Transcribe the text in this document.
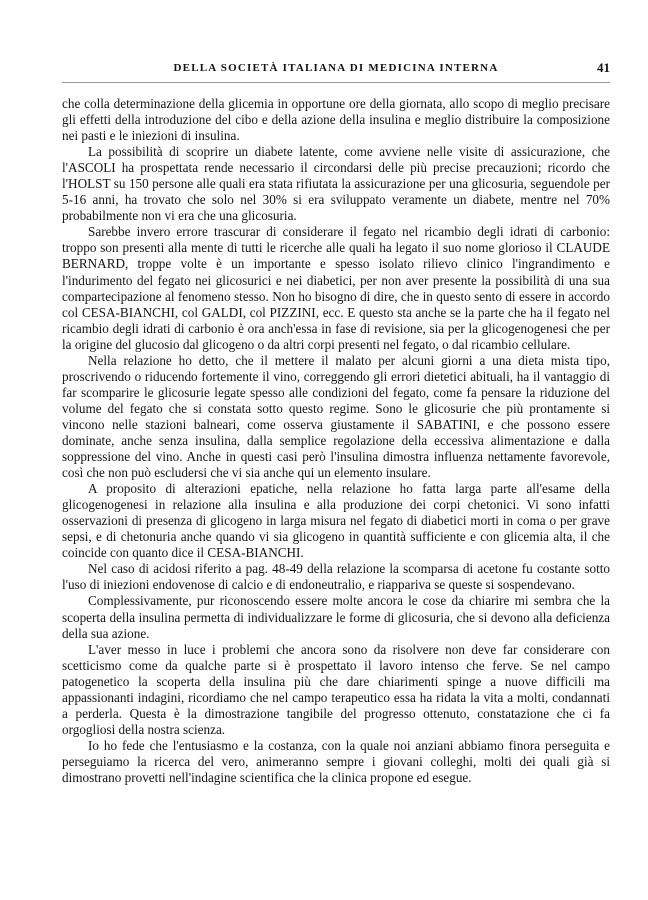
DELLA SOCIETÀ ITALIANA DI MEDICINA INTERNA	41

che colla determinazione della glicemia in opportune ore della giornata, allo scopo di meglio precisare gli effetti della introduzione del cibo e della azione della insulina e meglio distribuire la composizione nei pasti e le iniezioni di insulina.

La possibilità di scoprire un diabete latente, come avviene nelle visite di assicurazione, che l'ASCOLI ha prospettata rende necessario il circondarsi delle più precise precauzioni; ricordo che l'HOLST su 150 persone alle quali era stata rifiutata la assicurazione per una glicosuria, seguendole per 5-16 anni, ha trovato che solo nel 30% si era sviluppato veramente un diabete, mentre nel 70% probabilmente non vi era che una glicosuria.

Sarebbe invero errore trascurar di considerare il fegato nel ricambio degli idrati di carbonio: troppo son presenti alla mente di tutti le ricerche alle quali ha legato il suo nome glorioso il CLAUDE BERNARD, troppe volte è un importante e spesso isolato rilievo clinico l'ingrandimento e l'indurimento del fegato nei glicosurici e nei diabetici, per non aver presente la possibilità di una sua compartecipazione al fenomeno stesso. Non ho bisogno di dire, che in questo sento di essere in accordo col CESA-BIANCHI, col GALDI, col PIZZINI, ecc. E questo sta anche se la parte che ha il fegato nel ricambio degli idrati di carbonio è ora anch'essa in fase di revisione, sia per la glicogenogenesi che per la origine del glucosio dal glicogeno o da altri corpi presenti nel fegato, o dal ricambio cellulare.

Nella relazione ho detto, che il mettere il malato per alcuni giorni a una dieta mista tipo, proscrivendo o riducendo fortemente il vino, correggendo gli errori dietetici abituali, ha il vantaggio di far scomparire le glicosurie legate spesso alle condizioni del fegato, come fa pensare la riduzione del volume del fegato che si constata sotto questo regime. Sono le glicosurie che più prontamente si vincono nelle stazioni balneari, come osserva giustamente il SABATINI, e che possono essere dominate, anche senza insulina, dalla semplice regolazione della eccessiva alimentazione e dalla soppressione del vino. Anche in questi casi però l'insulina dimostra influenza nettamente favorevole, così che non può escludersi che vi sia anche qui un elemento insulare.

A proposito di alterazioni epatiche, nella relazione ho fatta larga parte all'esame della glicogenogenesi in relazione alla insulina e alla produzione dei corpi chetonici. Vi sono infatti osservazioni di presenza di glicogeno in larga misura nel fegato di diabetici morti in coma o per grave sepsi, e di chetonuria anche quando vi sia glicogeno in quantità sufficiente e con glicemia alta, il che coincide con quanto dice il CESA-BIANCHI.

Nel caso di acidosi riferito a pag. 48-49 della relazione la scomparsa di acetone fu costante sotto l'uso di iniezioni endovenose di calcio e di endoneutralio, e riappariva se queste si sospendevano.

Complessivamente, pur riconoscendo essere molte ancora le cose da chiarire mi sembra che la scoperta della insulina permetta di individualizzare le forme di glicosuria, che si devono alla deficienza della sua azione.

L'aver messo in luce i problemi che ancora sono da risolvere non deve far considerare con scetticismo come da qualche parte si è prospettato il lavoro intenso che ferve. Se nel campo patogenetico la scoperta della insulina più che dare chiarimenti spinge a nuove difficili ma appassionanti indagini, ricordiamo che nel campo terapeutico essa ha ridata la vita a molti, condannati a perderla. Questa è la dimostrazione tangibile del progresso ottenuto, constatazione che ci fa orgogliosi della nostra scienza.

Io ho fede che l'entusiasmo e la costanza, con la quale noi anziani abbiamo finora perseguita e perseguiamo la ricerca del vero, animeranno sempre i giovani colleghi, molti dei quali già si dimostrano provetti nell'indagine scientifica che la clinica propone ed esegue.
